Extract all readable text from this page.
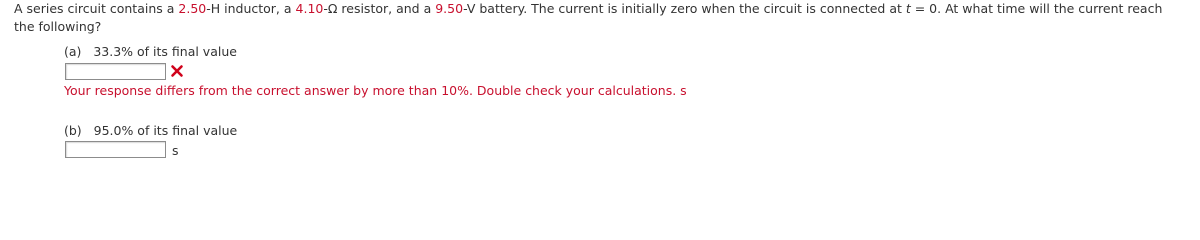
A series circuit contains a 2.50-H inductor, a 4.10-Ω resistor, and a 9.50-V battery. The current is initially zero when the circuit is connected at t = 0. At what time will the current reach
the following?
(a) 33.3% of its final value
Your response differs from the correct answer by more than 10%. Double check your calculations. s
(b) 95.0% of its final value
s
